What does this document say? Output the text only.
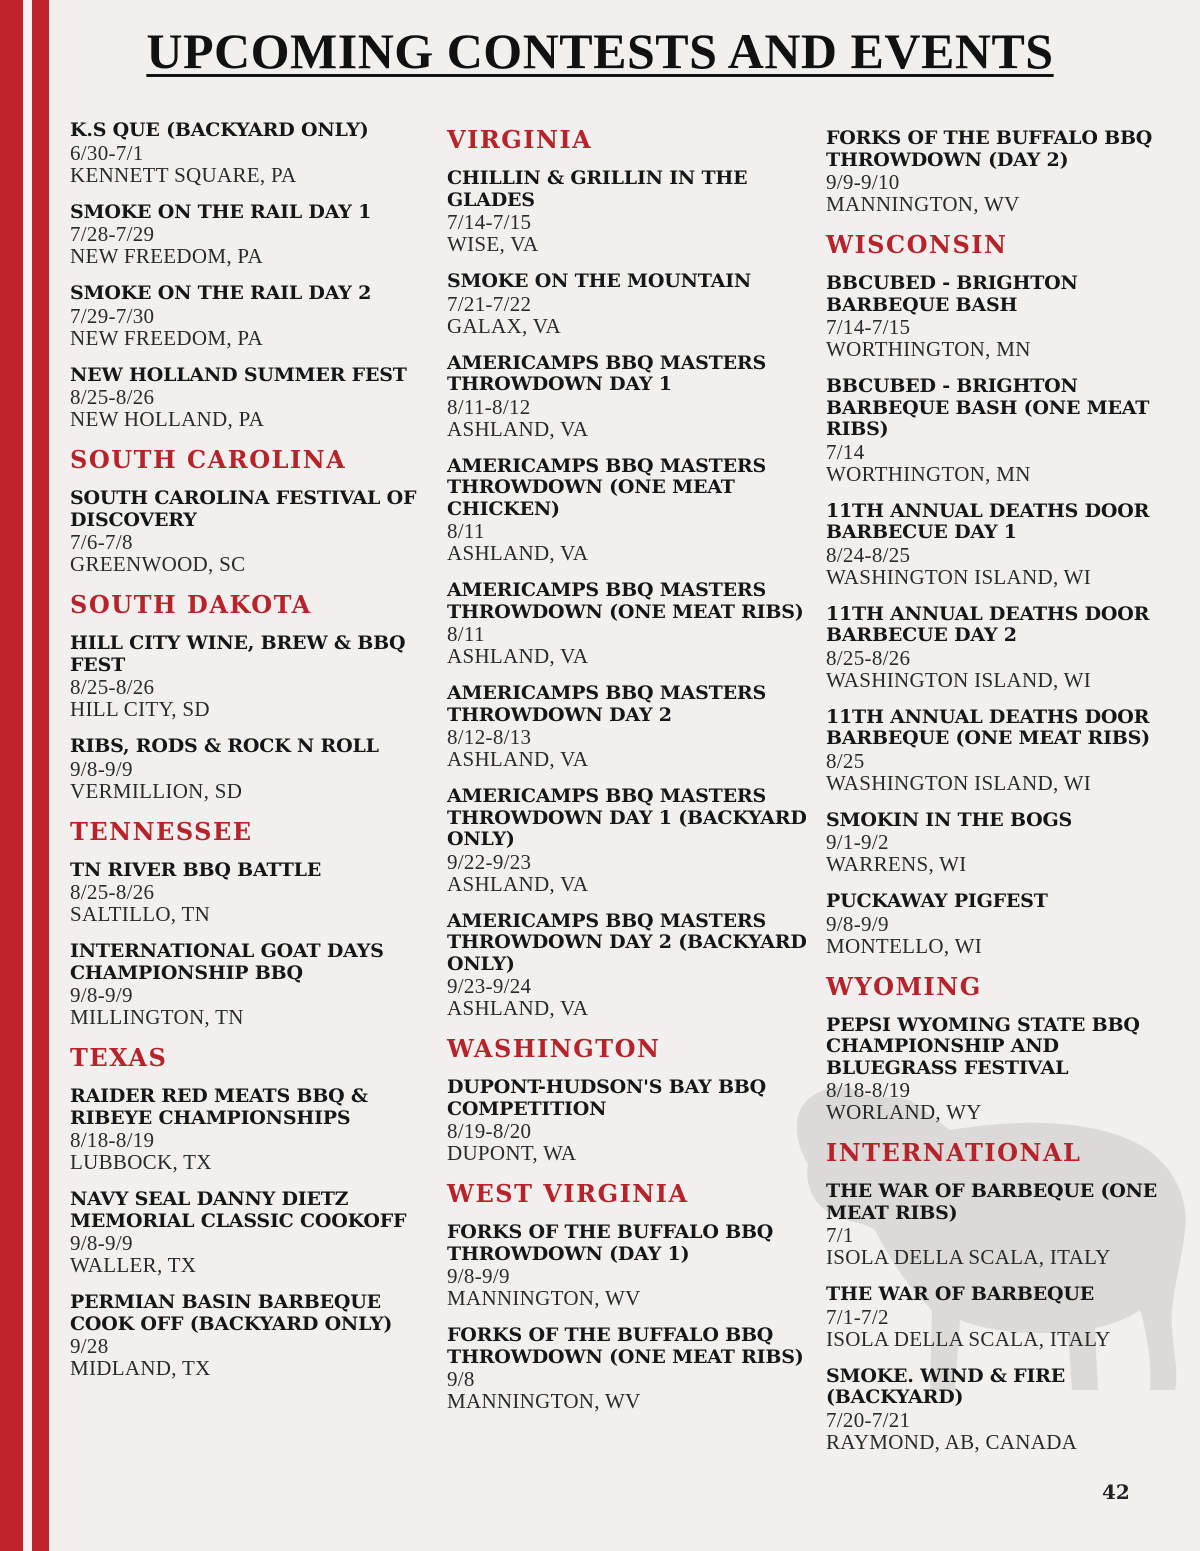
UPCOMING CONTESTS AND EVENTS
K.S QUE (BACKYARD ONLY)
6/30-7/1
KENNETT SQUARE, PA
SMOKE ON THE RAIL DAY 1
7/28-7/29
NEW FREEDOM, PA
SMOKE ON THE RAIL DAY 2
7/29-7/30
NEW FREEDOM, PA
NEW HOLLAND SUMMER FEST
8/25-8/26
NEW HOLLAND, PA
SOUTH CAROLINA
SOUTH CAROLINA FESTIVAL OF DISCOVERY
7/6-7/8
GREENWOOD, SC
SOUTH DAKOTA
HILL CITY WINE, BREW & BBQ FEST
8/25-8/26
HILL CITY, SD
RIBS, RODS & ROCK N ROLL
9/8-9/9
VERMILLION, SD
TENNESSEE
TN RIVER BBQ BATTLE
8/25-8/26
SALTILLO, TN
INTERNATIONAL GOAT DAYS CHAMPIONSHIP BBQ
9/8-9/9
MILLINGTON, TN
TEXAS
RAIDER RED MEATS BBQ & RIBEYE CHAMPIONSHIPS
8/18-8/19
LUBBOCK, TX
NAVY SEAL DANNY DIETZ MEMORIAL CLASSIC COOKOFF
9/8-9/9
WALLER, TX
PERMIAN BASIN BARBEQUE COOK OFF (BACKYARD ONLY)
9/28
MIDLAND, TX
VIRGINIA
CHILLIN & GRILLIN IN THE GLADES
7/14-7/15
WISE, VA
SMOKE ON THE MOUNTAIN
7/21-7/22
GALAX, VA
AMERICAMPS BBQ MASTERS THROWDOWN DAY 1
8/11-8/12
ASHLAND, VA
AMERICAMPS BBQ MASTERS THROWDOWN (ONE MEAT CHICKEN)
8/11
ASHLAND, VA
AMERICAMPS BBQ MASTERS THROWDOWN (ONE MEAT RIBS)
8/11
ASHLAND, VA
AMERICAMPS BBQ MASTERS THROWDOWN DAY 2
8/12-8/13
ASHLAND, VA
AMERICAMPS BBQ MASTERS THROWDOWN DAY 1 (BACKYARD ONLY)
9/22-9/23
ASHLAND, VA
AMERICAMPS BBQ MASTERS THROWDOWN DAY 2 (BACKYARD ONLY)
9/23-9/24
ASHLAND, VA
WASHINGTON
DUPONT-HUDSON'S BAY BBQ COMPETITION
8/19-8/20
DUPONT, WA
WEST VIRGINIA
FORKS OF THE BUFFALO BBQ THROWDOWN (DAY 1)
9/8-9/9
MANNINGTON, WV
FORKS OF THE BUFFALO BBQ THROWDOWN (ONE MEAT RIBS)
9/8
MANNINGTON, WV
FORKS OF THE BUFFALO BBQ THROWDOWN (DAY 2)
9/9-9/10
MANNINGTON, WV
WISCONSIN
BBCUBED - BRIGHTON BARBEQUE BASH
7/14-7/15
WORTHINGTON, MN
BBCUBED - BRIGHTON BARBEQUE BASH (ONE MEAT RIBS)
7/14
WORTHINGTON, MN
11TH ANNUAL DEATHS DOOR BARBECUE DAY 1
8/24-8/25
WASHINGTON ISLAND, WI
11TH ANNUAL DEATHS DOOR BARBECUE DAY 2
8/25-8/26
WASHINGTON ISLAND, WI
11TH ANNUAL DEATHS DOOR BARBEQUE (ONE MEAT RIBS)
8/25
WASHINGTON ISLAND, WI
SMOKIN IN THE BOGS
9/1-9/2
WARRENS, WI
PUCKAWAY PIGFEST
9/8-9/9
MONTELLO, WI
WYOMING
PEPSI WYOMING STATE BBQ CHAMPIONSHIP AND BLUEGRASS FESTIVAL
8/18-8/19
WORLAND, WY
INTERNATIONAL
THE WAR OF BARBEQUE (ONE MEAT RIBS)
7/1
ISOLA DELLA SCALA, ITALY
THE WAR OF BARBEQUE
7/1-7/2
ISOLA DELLA SCALA, ITALY
SMOKE. WIND & FIRE (BACKYARD)
7/20-7/21
RAYMOND, AB, CANADA
42
